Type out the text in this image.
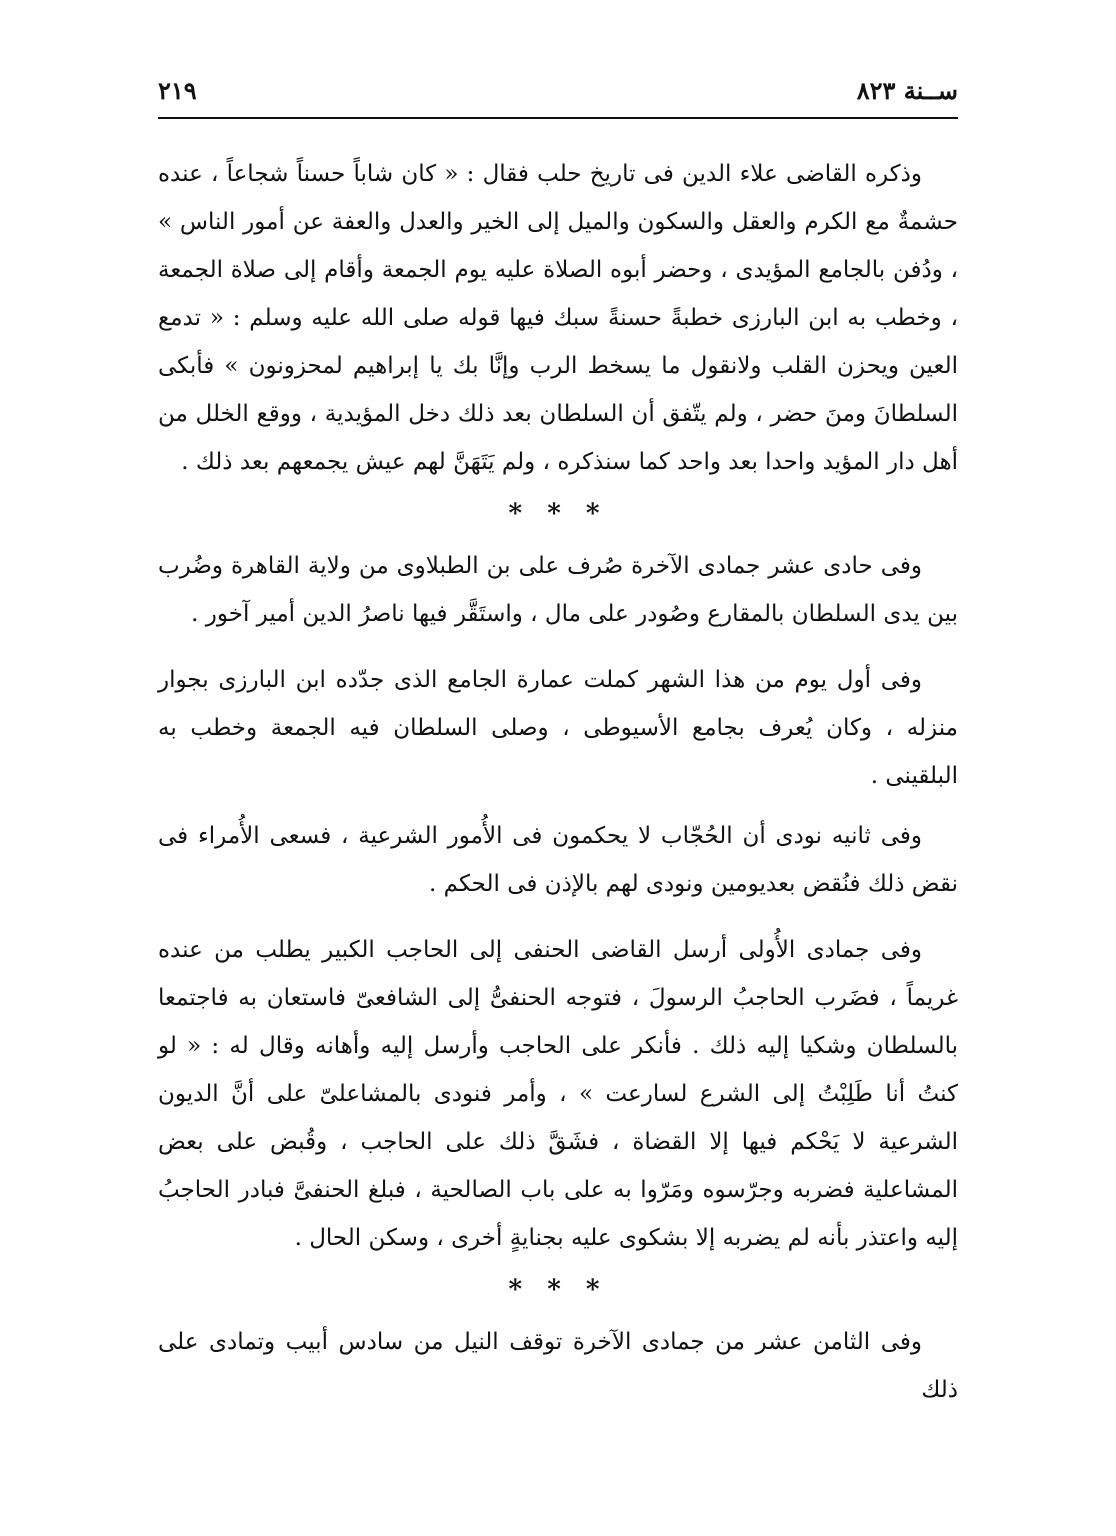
٢١٩	ســنة ٨٢٣

وذكره القاضى علاء الدين فى تاريخ حلب فقال : « كان شاباً حسناً شجاعاً ، عنده حشمةٌ مع الكرم والعقل والسكون والميل إلى الخير والعدل والعفة عن أمور الناس » ، ودُفن بالجامع المؤيدى ، وحضر أبوه الصلاة عليه يوم الجمعة وأقام إلى صلاة الجمعة ، وخطب به ابن البارزى خطبةً حسنةً سبك فيها قوله صلى الله عليه وسلم : « تدمع العين ويحزن القلب ولانقول ما يسخط الرب وإنَّا بك يا إبراهيم لمحزونون » فأبكى السلطانَ ومنَ حضر ، ولم يتّفق أن السلطان بعد ذلك دخل المؤيدية ، ووقع الخلل من أهل دار المؤيد واحدا بعد واحد كما سنذكره ، ولم يَتَهَنَّ لهم عيش يجمعهم بعد ذلك .

* * *

وفى حادى عشر جمادى الآخرة صُرف على بن الطبلاوى من ولاية القاهرة وضُرب بين يدى السلطان بالمقارع وصُودر على مال ، واستَقَّر فيها ناصرُ الدين أمير آخور .

وفى أول يوم من هذا الشهر كملت عمارة الجامع الذى جدّده ابن البارزى بجوار منزله ، وكان يُعرف بجامع الأسيوطى ، وصلى السلطان فيه الجمعة وخطب به البلقينى .

وفى ثانيه نودى أن الحُجّاب لا يحكمون فى الأُمور الشرعية ، فسعى الأُمراء فى نقض ذلك فنُقض بعديومين ونودى لهم بالإذن فى الحكم .

وفى جمادى الأُولى أرسل القاضى الحنفى إلى الحاجب الكبير يطلب من عنده غريماً ، فضَرب الحاجبُ الرسولَ ، فتوجه الحنفىُّ إلى الشافعىّ فاستعان به فاجتمعا بالسلطان وشكيا إليه ذلك . فأنكر على الحاجب وأرسل إليه وأهانه وقال له : « لو كنتُ أنا طَلِبْتُ إلى الشرع لسارعت » ، وأمر فنودى بالمشاعلىّ على أنَّ الديون الشرعية لا يَحْكم فيها إلا القضاة ، فشَقَّ ذلك على الحاجب ، وقُبض على بعض المشاعلية فضربه وجرّسوه ومَرّوا به على باب الصالحية ، فبلغ الحنفىَّ فبادر الحاجبُ إليه واعتذر بأنه لم يضربه إلا بشكوى عليه بجنايةٍ أخرى ، وسكن الحال .

* * *

وفى الثامن عشر من جمادى الآخرة توقف النيل من سادس أبيب وتمادى على ذلك
